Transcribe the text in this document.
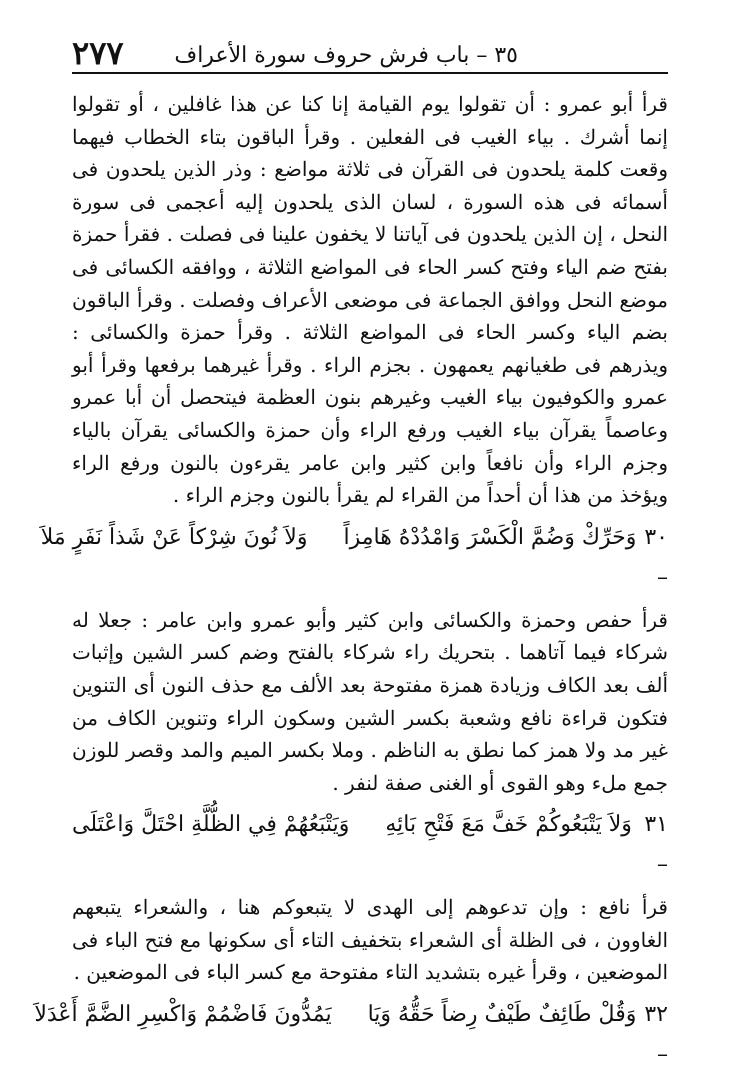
٣٥ – باب فرش حروف سورة الأعراف
٢٧٧

قرأ أبو عمرو : أن تقولوا يوم القيامة إنا كنا عن هذا غافلين ، أو تقولوا إنما أشرك . بياء الغيب فى الفعلين . وقرأ الباقون بتاء الخطاب فيهما وقعت كلمة يلحدون فى القرآن فى ثلاثة مواضع : وذر الذين يلحدون فى أسمائه فى هذه السورة ، لسان الذى يلحدون إليه أعجمى فى سورة النحل ، إن الذين يلحدون فى آياتنا لا يخفون علينا فى فصلت . فقرأ حمزة بفتح ضم الياء وفتح كسر الحاء فى المواضع الثلاثة ، ووافقه الكسائى فى موضع النحل ووافق الجماعة فى موضعى الأعراف وفصلت . وقرأ الباقون بضم الياء وكسر الحاء فى المواضع الثلاثة . وقرأ حمزة والكسائى : ويذرهم فى طغيانهم يعمهون . بجزم الراء . وقرأ غيرهما برفعها وقرأ أبو عمرو والكوفيون بياء الغيب وغيرهم بنون العظمة فيتحصل أن أبا عمرو وعاصماً يقرآن بياء الغيب ورفع الراء وأن حمزة والكسائى يقرآن بالياء وجزم الراء وأن نافعاً وابن كثير وابن عامر يقرءون بالنون ورفع الراء ويؤخذ من هذا أن أحداً من القراء لم يقرأ بالنون وجزم الراء .

٣٠ –
وَحَرِّكْ وَضُمَّ الْكَسْرَ وَامْدُدْهُ هَامِزاً
وَلاَ نُونَ شِرْكاً عَنْ شَذاً نَفَرٍ مَلاَ

قرأ حفص وحمزة والكسائى وابن كثير وأبو عمرو وابن عامر : جعلا له شركاء فيما آتاهما . بتحريك راء شركاء بالفتح وضم كسر الشين وإثبات ألف بعد الكاف وزيادة همزة مفتوحة بعد الألف مع حذف النون أى التنوين فتكون قراءة نافع وشعبة بكسر الشين وسكون الراء وتنوين الكاف من غير مد ولا همز كما نطق به الناظم . وملا بكسر الميم والمد وقصر للوزن جمع ملء وهو القوى أو الغنى صفة لنفر .

٣١ –
وَلاَ يَتْبَعُوكُمْ خَفَّ مَعَ فَتْحِ بَائِهِ
وَيَتْبَعُهُمْ فِي الظُّلَّةِ احْتَلَّ وَاعْتَلَى

قرأ نافع : وإن تدعوهم إلى الهدى لا يتبعوكم هنا ، والشعراء يتبعهم الغاوون ، فى الظلة أى الشعراء بتخفيف التاء أى سكونها مع فتح الباء فى الموضعين ، وقرأ غيره بتشديد التاء مفتوحة مع كسر الباء فى الموضعين .

٣٢ –
وَقُلْ طَائِفٌ طَيْفٌ رِضاً حَقُّهُ وَيَا
يَمُدُّونَ فَاضْمُمْ وَاكْسِرِ الضَّمَّ أَعْدَلاَ
